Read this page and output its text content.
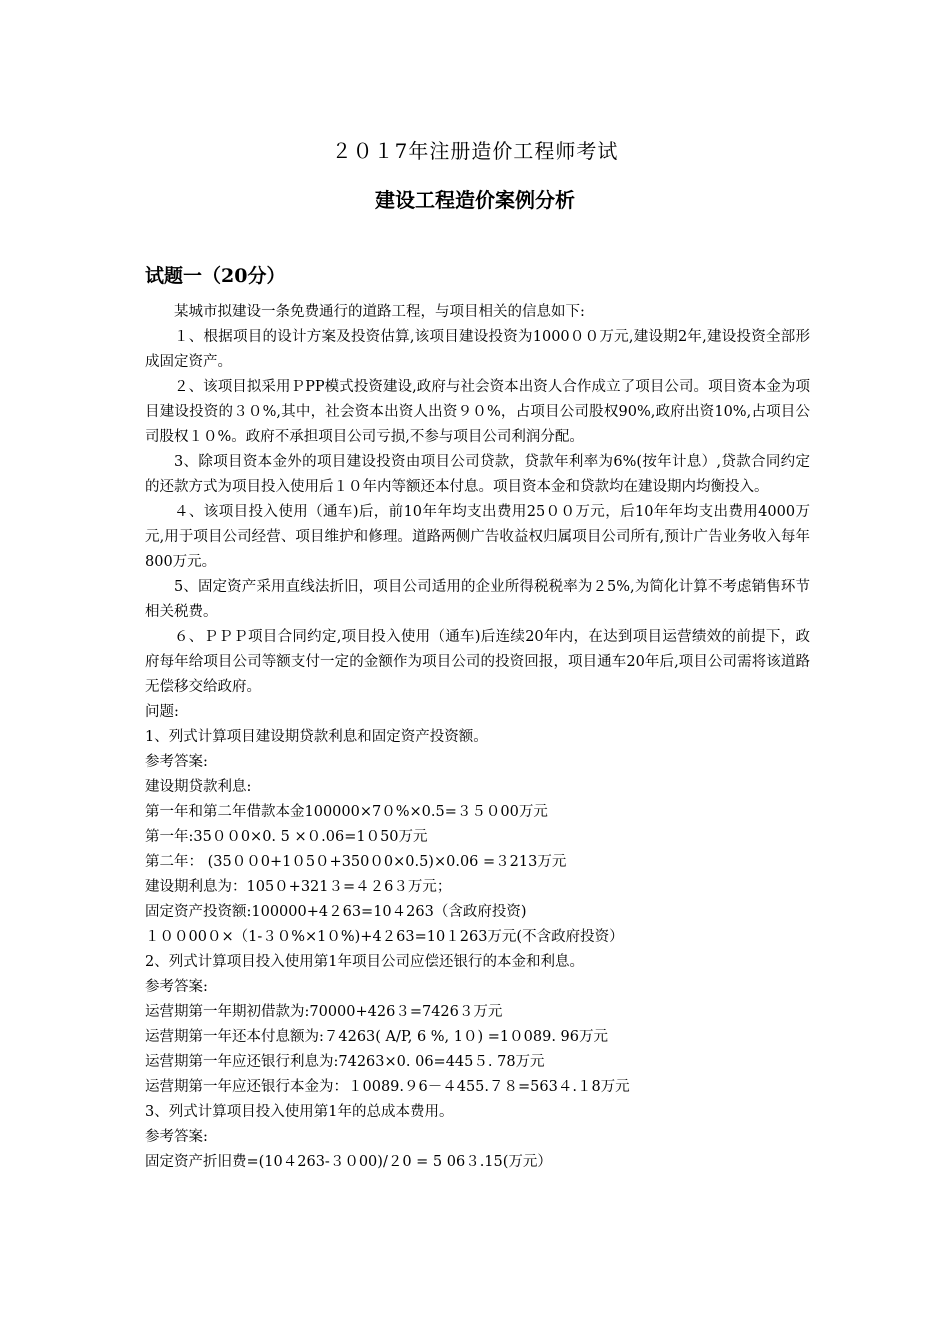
２０１7年注册造价工程师考试
建设工程造价案例分析
试题一（20分）

某城市拟建设一条免费通行的道路工程，与项目相关的信息如下:

１、根据项目的设计方案及投资估算,该项目建设投资为1000００万元,建设期2年,建设投资全部形成固定资产。

２、该项目拟采用ＰPP模式投资建设,政府与社会资本出资人合作成立了项目公司。项目资本金为项目建设投资的３０%,其中，社会资本出资人出资９０%，占项目公司股权90%,政府出资10%,占项目公司股权１０%。政府不承担项目公司亏损,不参与项目公司利润分配。

3、除项目资本金外的项目建设投资由项目公司贷款，贷款年利率为6%(按年计息）,贷款合同约定的还款方式为项目投入使用后１０年内等额还本付息。项目资本金和贷款均在建设期内均衡投入。

４、该项目投入使用（通车)后，前10年年均支出费用25００万元，后10年年均支出费用4000万元,用于项目公司经营、项目维护和修理。道路两侧广告收益权归属项目公司所有,预计广告业务收入每年800万元。

5、固定资产采用直线法折旧，项目公司适用的企业所得税税率为２5%,为简化计算不考虑销售环节相关税费。

６、ＰＰＰ项目合同约定,项目投入使用（通车)后连续20年内，在达到项目运营绩效的前提下，政府每年给项目公司等额支付一定的金额作为项目公司的投资回报，项目通车20年后,项目公司需将该道路无偿移交给政府。

问题:

1、列式计算项目建设期贷款利息和固定资产投资额。

参考答案:

建设期贷款利息:

第一年和第二年借款本金100000×7０%×0.5=３５０00万元

第一年:35００0×0. 5 ×０.06=1０50万元

第二年： (35００0+1０5０+350０0×0.5)×0.06 =３213万元

建设期利息为：105０+321３=４２6３万元；

固定资产投资额:100000+4２63=10４263（含政府投资)

１００00０×（1-３０%×1０%)+4２63=10１263万元(不含政府投资）

2、列式计算项目投入使用第1年项目公司应偿还银行的本金和利息。

参考答案:

运营期第一年期初借款为:70000+426３=7426３万元

运营期第一年还本付息额为:７4263( A/P, 6 %, 1０) =1０089. 96万元

运营期第一年应还银行利息为:74263×0. 06=445５. 78万元

运营期第一年应还银行本金为：１0089.９6－４455.７８=563４.１8万元

3、列式计算项目投入使用第1年的总成本费用。

参考答案:

固定资产折旧费=(10４263-３０00)/２0 = 5 06３.15(万元）
